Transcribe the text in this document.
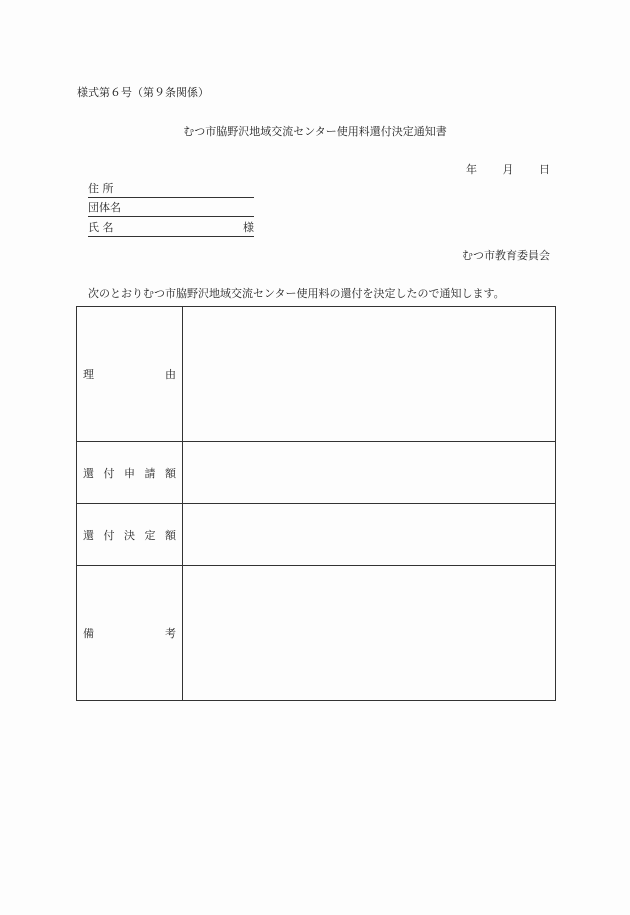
様式第６号（第９条関係）
むつ市脇野沢地域交流センター使用料還付決定通知書
年 月 日
住 所
団体名
氏 名	様
むつ市教育委員会
次のとおりむつ市脇野沢地域交流センター使用料の還付を決定したので通知します。
理 由	

還 付 申 請 額	

還 付 決 定 額	

備 考	
